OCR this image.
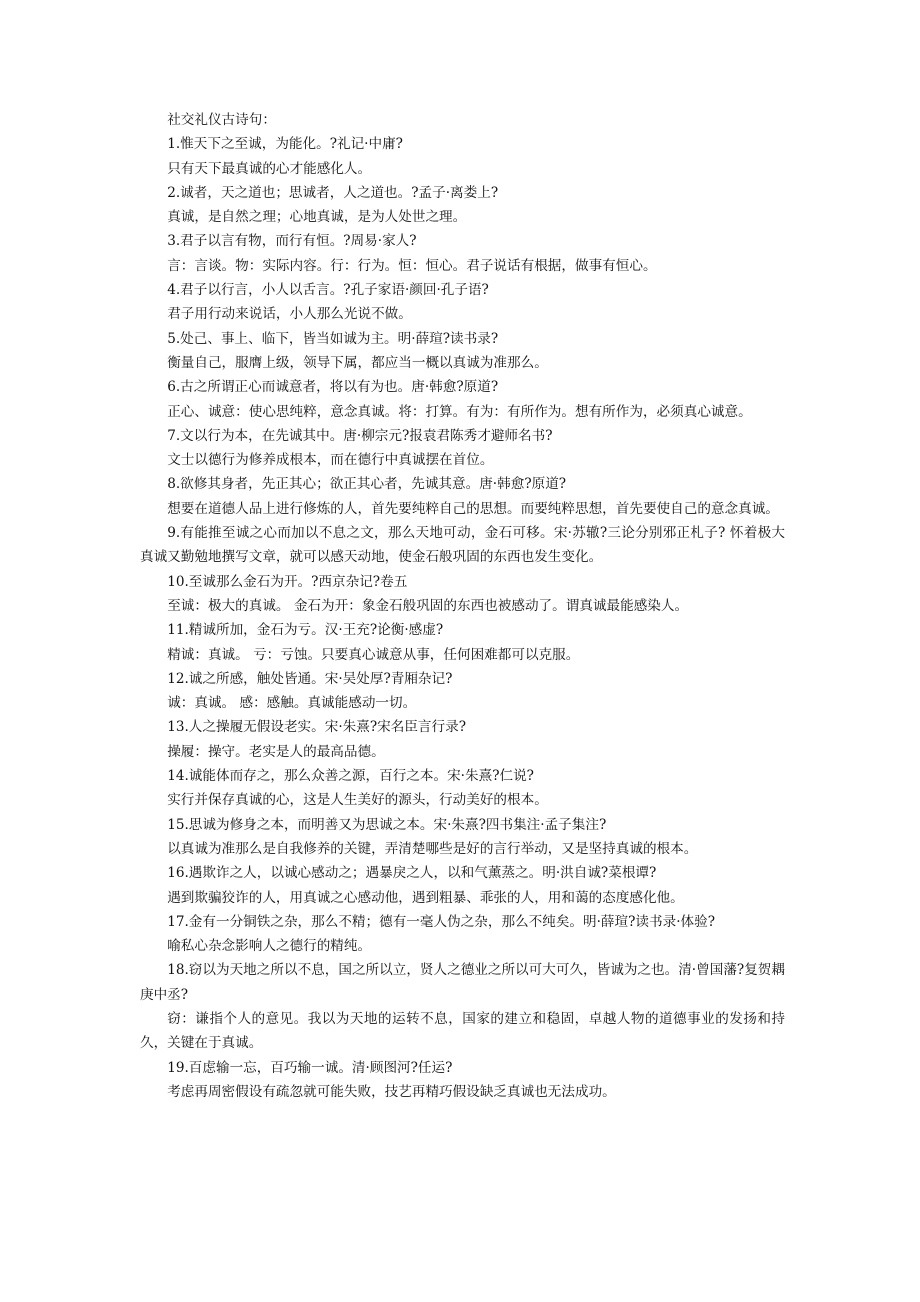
社交礼仪古诗句：

1.惟天下之至诚，为能化。?礼记·中庸?

只有天下最真诚的心才能感化人。

2.诚者，天之道也；思诚者，人之道也。?孟子·离娄上?

真诚，是自然之理；心地真诚，是为人处世之理。

3.君子以言有物，而行有恒。?周易·家人?

言：言谈。物：实际内容。行：行为。恒：恒心。君子说话有根据，做事有恒心。

4.君子以行言，小人以舌言。?孔子家语·颜回·孔子语?

君子用行动来说话，小人那么光说不做。

5.处己、事上、临下，皆当如诚为主。明·薛瑄?读书录?

衡量自己，服膺上级，领导下属，都应当一概以真诚为准那么。

6.古之所谓正心而诚意者，将以有为也。唐·韩愈?原道?

正心、诚意：使心思纯粹，意念真诚。将：打算。有为：有所作为。想有所作为，必须真心诚意。

7.文以行为本，在先诚其中。唐·柳宗元?报袁君陈秀才避师名书?

文士以德行为修养成根本，而在德行中真诚摆在首位。

8.欲修其身者，先正其心；欲正其心者，先诚其意。唐·韩愈?原道?

想要在道德人品上进行修炼的人，首先要纯粹自己的思想。而要纯粹思想，首先要使自己的意念真诚。

9.有能推至诚之心而加以不息之文，那么天地可动，金石可移。宋·苏辙?三论分别邪正札子? 怀着极大真诚又勤勉地撰写文章，就可以感天动地，使金石般巩固的东西也发生变化。

10.至诚那么金石为开。?西京杂记?卷五

至诚：极大的真诚。 金石为开：象金石般巩固的东西也被感动了。谓真诚最能感染人。

11.精诚所加，金石为亏。汉·王充?论衡·感虚?

精诚：真诚。 亏：亏蚀。只要真心诚意从事，任何困难都可以克服。

12.诚之所感，触处皆通。宋·吴处厚?青厢杂记?

诚：真诚。 感：感触。真诚能感动一切。

13.人之操履无假设老实。宋·朱熹?宋名臣言行录?

操履：操守。老实是人的最高品德。

14.诚能体而存之，那么众善之源，百行之本。宋·朱熹?仁说?

实行并保存真诚的心，这是人生美好的源头，行动美好的根本。

15.思诚为修身之本，而明善又为思诚之本。宋·朱熹?四书集注·孟子集注?

以真诚为准那么是自我修养的关键，弄清楚哪些是好的言行举动，又是坚持真诚的根本。

16.遇欺诈之人，以诚心感动之；遇暴戾之人，以和气薰蒸之。明·洪自诚?菜根谭?

遇到欺骗狡诈的人，用真诚之心感动他，遇到粗暴、乖张的人，用和蔼的态度感化他。

17.金有一分铜铁之杂，那么不精；德有一毫人伪之杂，那么不纯矣。明·薛瑄?读书录·体验?

喻私心杂念影响人之德行的精纯。

18.窃以为天地之所以不息，国之所以立，贤人之德业之所以可大可久，皆诚为之也。清·曾国藩?复贺耦庚中丞?

窃：谦指个人的意见。我以为天地的运转不息，国家的建立和稳固，卓越人物的道德事业的发扬和持久，关键在于真诚。

19.百虑输一忘，百巧输一诚。清·顾图河?任运?

考虑再周密假设有疏忽就可能失败，技艺再精巧假设缺乏真诚也无法成功。
